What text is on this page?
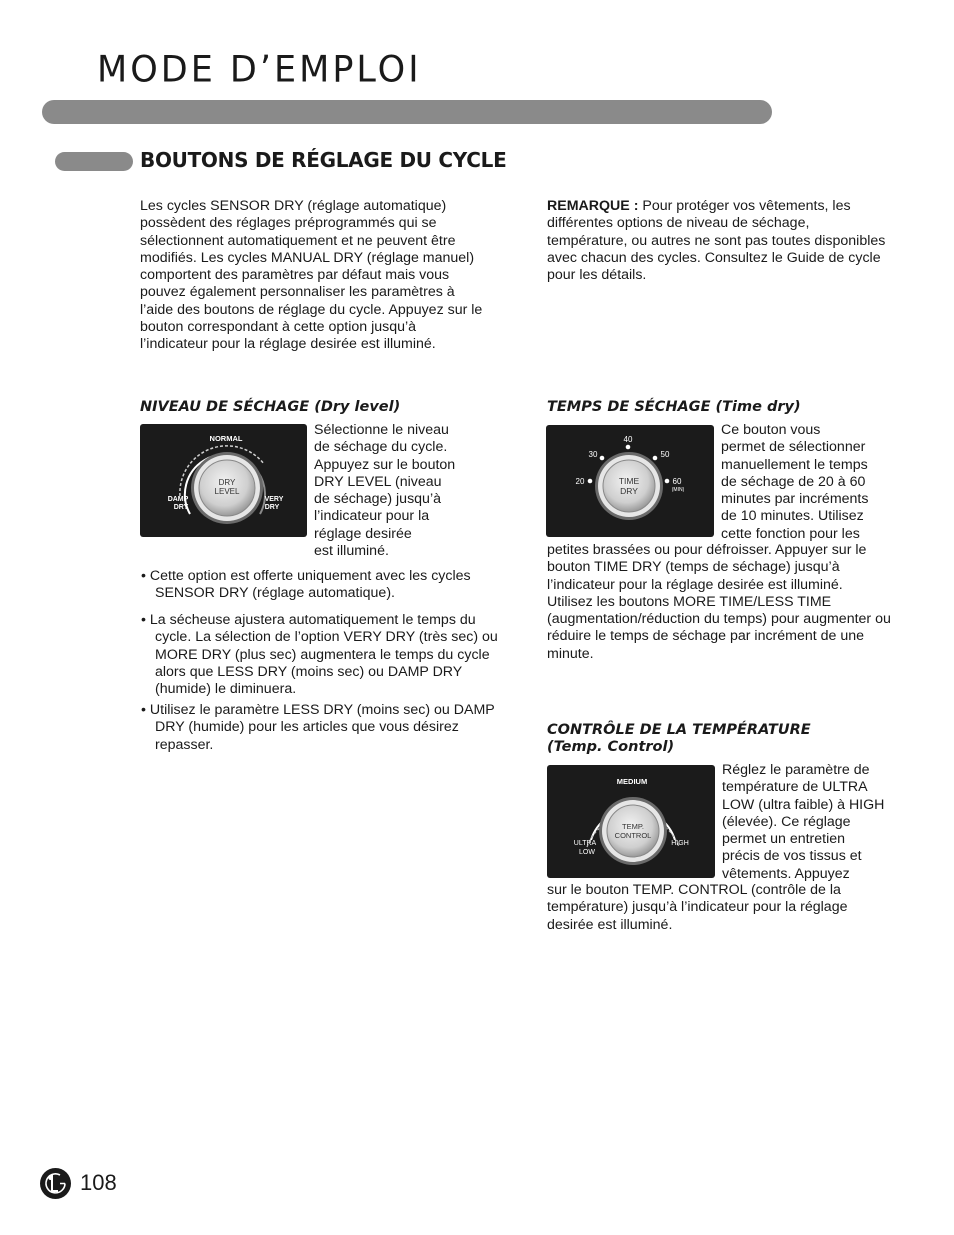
MODE D’EMPLOI
BOUTONS DE RÉGLAGE DU CYCLE
Les cycles SENSOR DRY (réglage automatique) possèdent des réglages préprogrammés qui se sélectionnent automatiquement et ne peuvent être modifiés. Les cycles MANUAL DRY (réglage manuel) comportent des paramètres par défaut mais vous pouvez également personnaliser les paramètres à l’aide des boutons de réglage du cycle. Appuyez sur le bouton correspondant à cette option jusqu’à l’indicateur pour la réglage desirée est illuminé.
REMARQUE : Pour protéger vos vêtements, les différentes options de niveau de séchage, température, ou autres ne sont pas toutes disponibles avec chacun des cycles. Consultez le Guide de cycle pour les détails.
NIVEAU DE SÉCHAGE (Dry level)
DRY
LEVEL
NORMAL
DAMP
DRY
VERY
DRY
Sélectionne le niveau
de séchage du cycle.
Appuyez sur le bouton
DRY LEVEL (niveau
de séchage) jusqu’à
l’indicateur pour la
réglage desirée
est illuminé.
• Cette option est offerte uniquement avec les cycles SENSOR DRY (réglage automatique).
• La sécheuse ajustera automatiquement le temps du cycle. La sélection de l’option VERY DRY (très sec) ou MORE DRY (plus sec) augmentera le temps du cycle alors que LESS DRY (moins sec) ou DAMP DRY (humide) le diminuera.
• Utilisez le paramètre LESS DRY (moins sec) ou DAMP DRY (humide) pour les articles que vous désirez repasser.
TEMPS DE SÉCHAGE (Time dry)
TIME
DRY
20
30
40
50
60
(MIN)
Ce bouton vous
permet de sélectionner
manuellement le temps
de séchage de 20 à 60
minutes par incréments
de 10 minutes. Utilisez
cette fonction pour les
petites brassées ou pour défroisser. Appuyer sur le bouton TIME DRY (temps de séchage) jusqu’à l’indicateur pour la réglage desirée est illuminé. Utilisez les boutons MORE TIME/LESS TIME (augmentation/réduction du temps) pour augmenter ou réduire le temps de séchage par incrément de une minute.
CONTRÔLE DE LA TEMPÉRATURE
(Temp. Control)
TEMP.
CONTROL
MEDIUM
ULTRA
LOW
HIGH
Réglez le paramètre de
température de ULTRA
LOW (ultra faible) à HIGH
(élevée). Ce réglage
permet un entretien
précis de vos tissus et
vêtements. Appuyez
sur le bouton TEMP. CONTROL (contrôle de la température) jusqu’à l’indicateur pour la réglage desirée est illuminé.
108
